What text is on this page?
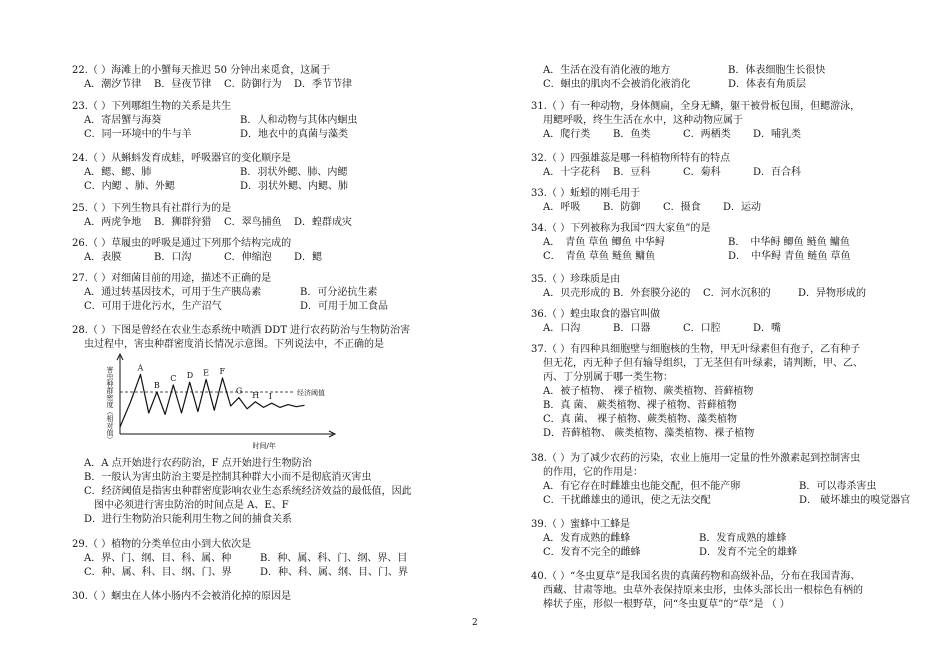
22.（ ）海滩上的小蟹每天推迟 50 分钟出来觅食，这属于
A．潮汐节律 B．昼夜节律 C．防御行为 D．季节节律
23.（ ）下列哪组生物的关系是共生
A．寄居蟹与海葵	B．人和动物与其体内蛔虫
C．同一环境中的牛与羊	D．地衣中的真菌与藻类
24.（ ）从蝌蚪发育成蛙，呼吸器官的变化顺序是
A．鳃、鳃、肺	B．羽状外鳃、肺、内鳃
C．内鳃 、肺、外鳃	D．羽状外鳃、内鳃、肺
25.（ ）下列生物具有社群行为的是
A．两虎争地 B．狮群狩猎 C．翠鸟捕鱼 D．蝗群成灾
26.（ ）草履虫的呼吸是通过下列那个结构完成的
A．表膜	B．口沟	C．伸缩泡 D．鳃
27.（ ）对细菌目前的用途，描述不正确的是
A．通过转基因技术，可用于生产胰岛素	B．可分泌抗生素
C．可用于进化污水，生产沼气	D．可用于加工食品
28.（ ）下图是曾经在农业生态系统中喷洒 DDT 进行农药防治与生物防治害
虫过程中，害虫种群密度消长情况示意图。下列说法中，不正确的是
经济阈值
A
B
C D E F
G H I
害虫种群密度（相对值）
时间/年
A．A 点开始进行农药防治，F 点开始进行生物防治
B．一般认为害虫防治主要是控制其种群大小而不是彻底消灭害虫
C．经济阈值是指害虫种群密度影响农业生态系统经济效益的最低值，因此
图中必须进行害虫防治的时间点是 A、E、F
D．进行生物防治只能利用生物之间的捕食关系
29.（ ）植物的分类单位由小到大依次是
A．界、门、纲、目、科、属、种	B．种、属、科、门、纲、界、目
C．种、属、科、目、纲、门、界	D．种、科、属、纲、目、门、界
30.（ ）蛔虫在人体小肠内不会被消化掉的原因是
A．生活在没有消化液的地方	B．体表细胞生长很快
C．蛔虫的肌肉不会被消化液消化	D．体表有角质层
31.（ ）有一种动物，身体侧扁，全身无鳞，躯干被骨板包围，但鳃游泳，
用鳃呼吸，终生生活在水中，这种动物应属于
A．爬行类 B．鱼类	C．两栖类 D．哺乳类
32.（ ）四强雄蕊是哪一科植物所特有的特点
A．十字花科 B．豆科	C．菊科	D．百合科
33.（ ）蚯蚓的刚毛用于
A．呼吸 B．防御 C．摄食 D．运动
34.（ ）下列被称为我国“四大家鱼”的是
A．　青鱼 草鱼 鲫鱼 中华鲟	B．　中华鲟 鲫鱼 鲢鱼 鳙鱼
C．　青鱼 草鱼 鲢鱼 鳙鱼	D．　中华鲟 青鱼 鲢鱼 草鱼
35.（ ）珍珠质是由
A．贝壳形成的 B．外套膜分泌的 C．河水沉积的	D．异物形成的
36.（ ）蝗虫取食的器官叫做
A．口沟	B．口器	C．口腔	D．嘴
37.（ ）有四种具细胞壁与细胞核的生物，甲无叶绿素但有孢子，乙有种子
但无花，丙无种子但有输导组织，丁无茎但有叶绿素，请判断，甲、乙、
丙、丁分别属于哪一类生物：
A．被子植物、 裸子植物、蕨类植物、苔藓植物
B．真 菌、 蕨类植物、裸子植物、苔藓植物
C．真 菌、 裸子植物、蕨类植物、藻类植物
D．苔藓植物、 蕨类植物、藻类植物、裸子植物
38.（ ）为了减少农药的污染，农业上施用一定量的性外激素起到控制害虫
的作用，它的作用是：
A．有它存在时雌雄虫也能交配，但不能产卵	B．可以毒杀害虫
C．干扰雌雄虫的通讯，使之无法交配	D． 破坏雄虫的嗅觉器官
39.（ ）蜜蜂中工蜂是
A．发育成熟的雌蜂	B．发育成熟的雄蜂
C．发育不完全的雌蜂	D．发育不完全的雄蜂
40.（ ）“冬虫夏草”是我国名贵的真菌药物和高级补品，分布在我国青海、
西藏、甘肃等地。虫草外表保持原来虫形，虫体头部长出一根棕色有柄的
棒状子座，形似一根野草，问“冬虫夏草”的“草”是 （ ）
2
